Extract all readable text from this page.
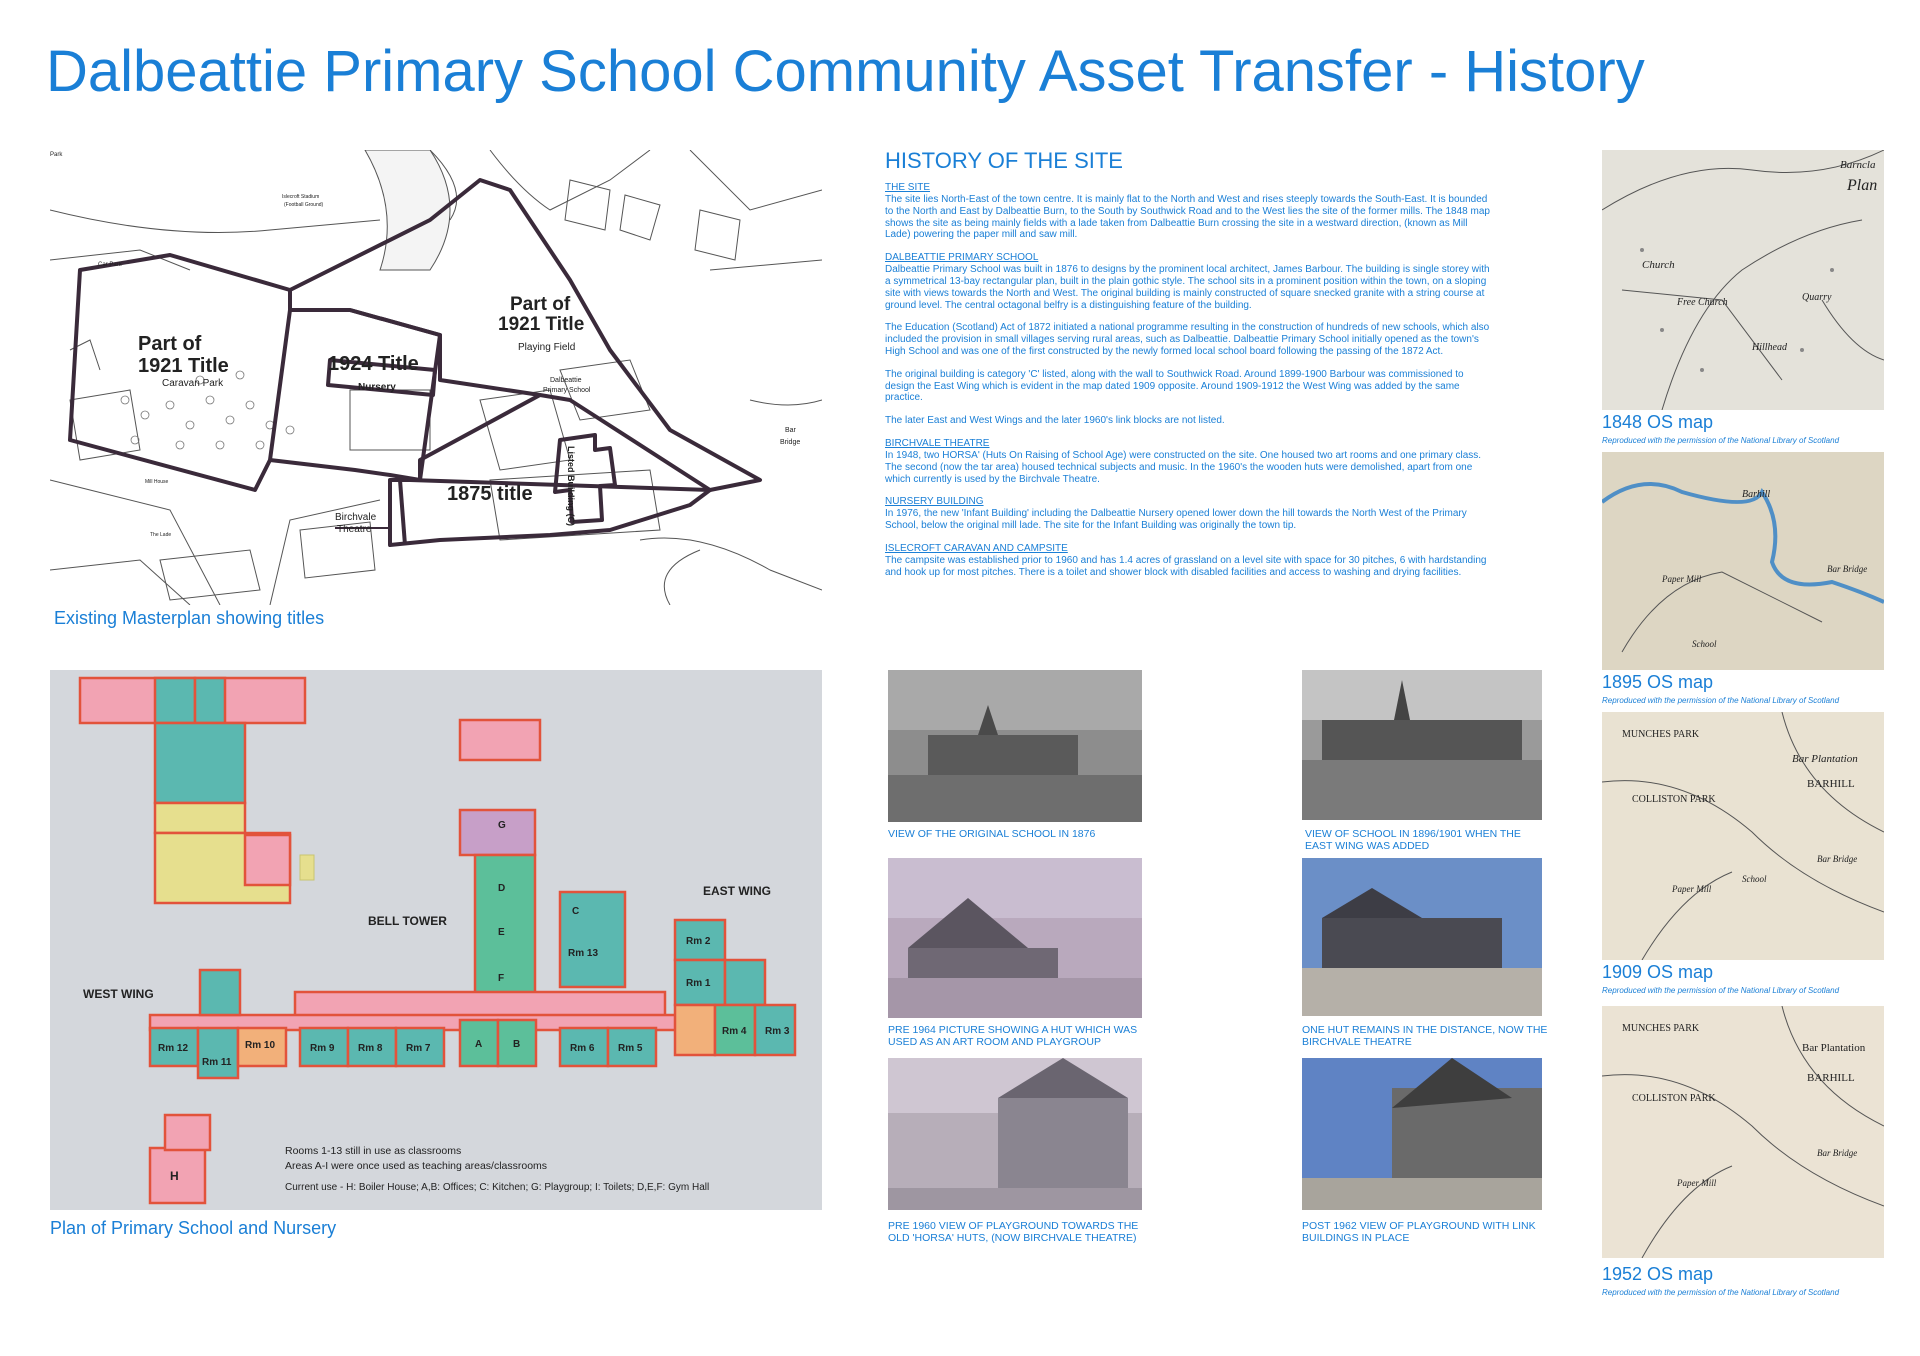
Dalbeattie Primary School Community Asset Transfer - History
Part of
1921 Title
Caravan Park
Part of
1921 Title
Playing Field
1924 Title
Nursery
1875 title	Listed Building (C)
Birchvale
Theatre
Dalbeattie
Primary School
Car Park
Bar
Bridge
Islecroft Stadium
(Football Ground)
Mill House
The Lade
Park
Existing Masterplan showing titles
HISTORY OF THE SITE
THE SITE
The site lies North-East of the town centre. It is mainly flat to the North and West and rises steeply towards the South-East. It is bounded to the North and East by Dalbeattie Burn, to the South by Southwick Road and to the West lies the site of the former mills. The 1848 map shows the site as being mainly fields with a lade taken from Dalbeattie Burn crossing the site in a westward direction, (known as Mill Lade) powering the paper mill and saw mill.
DALBEATTIE PRIMARY SCHOOL
Dalbeattie Primary School was built in 1876 to designs by the prominent local architect, James Barbour. The building is single storey with a symmetrical 13-bay rectangular plan, built in the plain gothic style. The school sits in a prominent position within the town, on a sloping site with views towards the North and West. The original building is mainly constructed of square snecked granite with a string course at ground level. The central octagonal belfry is a distinguishing feature of the building.
The Education (Scotland) Act of 1872 initiated a national programme resulting in the construction of hundreds of new schools, which also included the provision in small villages serving rural areas, such as Dalbeattie. Dalbeattie Primary School initially opened as the town's High School and was one of the first constructed by the newly formed local school board following the passing of the 1872 Act.
The original building is category 'C' listed, along with the wall to Southwick Road. Around 1899-1900 Barbour was commissioned to design the East Wing which is evident in the map dated 1909 opposite. Around 1909-1912 the West Wing was added by the same practice.
The later East and West Wings and the later 1960's link blocks are not listed.
BIRCHVALE THEATRE
In 1948, two HORSA' (Huts On Raising of School Age) were constructed on the site. One housed two art rooms and one primary class. The second (now the tar area) housed technical subjects and music. In the 1960's the wooden huts were demolished, apart from one which currently is used by the Birchvale Theatre.
NURSERY BUILDING
In 1976, the new 'Infant Building' including the Dalbeattie Nursery opened lower down the hill towards the North West of the Primary School, below the original mill lade. The site for the Infant Building was originally the town tip.
ISLECROFT CARAVAN AND CAMPSITE
The campsite was established prior to 1960 and has 1.4 acres of grassland on a level site with space for 30 pitches, 6 with hardstanding and hook up for most pitches. There is a toilet and shower block with disabled facilities and access to washing and drying facilities.
WEST WING
BELL TOWER
EAST WING
Rm 12
Rm 11
Rm 10	Rm 9 Rm 8 Rm 7	A	B	Rm 6 Rm 5
Rm 4 Rm 3
Rm 2
Rm 1
Rm 13
C
D
E
F
G
H
Rooms 1-13 still in use as classrooms
Areas A-I were once used as teaching areas/classrooms
Current use - H: Boiler House; A,B: Offices; C: Kitchen; G: Playgroup; I: Toilets; D,E,F: Gym Hall
Plan of Primary School and Nursery
VIEW OF THE ORIGINAL SCHOOL IN 1876	VIEW OF SCHOOL IN 1896/1901 WHEN THE EAST WING WAS ADDED
PRE 1964 PICTURE SHOWING A HUT WHICH WAS USED AS AN ART ROOM AND PLAYGROUP
ONE HUT REMAINS IN THE DISTANCE, NOW THE BIRCHVALE THEATRE
PRE 1960 VIEW OF PLAYGROUND TOWARDS THE OLD 'HORSA' HUTS, (NOW BIRCHVALE THEATRE)
POST 1962 VIEW OF PLAYGROUND WITH LINK BUILDINGS IN PLACE
Plan
Church
Free Church	Quarry
Hillhead
Barncla
1848 OS map
Reproduced with the permission of the National Library of Scotland
Barhill
Paper Mill
Bar Bridge
School
1895 OS map
Reproduced with the permission of the National Library of Scotland
MUNCHES PARK
Bar Plantation
COLLISTON PARK
BARHILL
Paper Mill
School
Bar Bridge
1909 OS map
Reproduced with the permission of the National Library of Scotland
MUNCHES PARK
Bar Plantation
COLLISTON PARK
BARHILL
Paper Mill
Bar Bridge
1952 OS map
Reproduced with the permission of the National Library of Scotland
